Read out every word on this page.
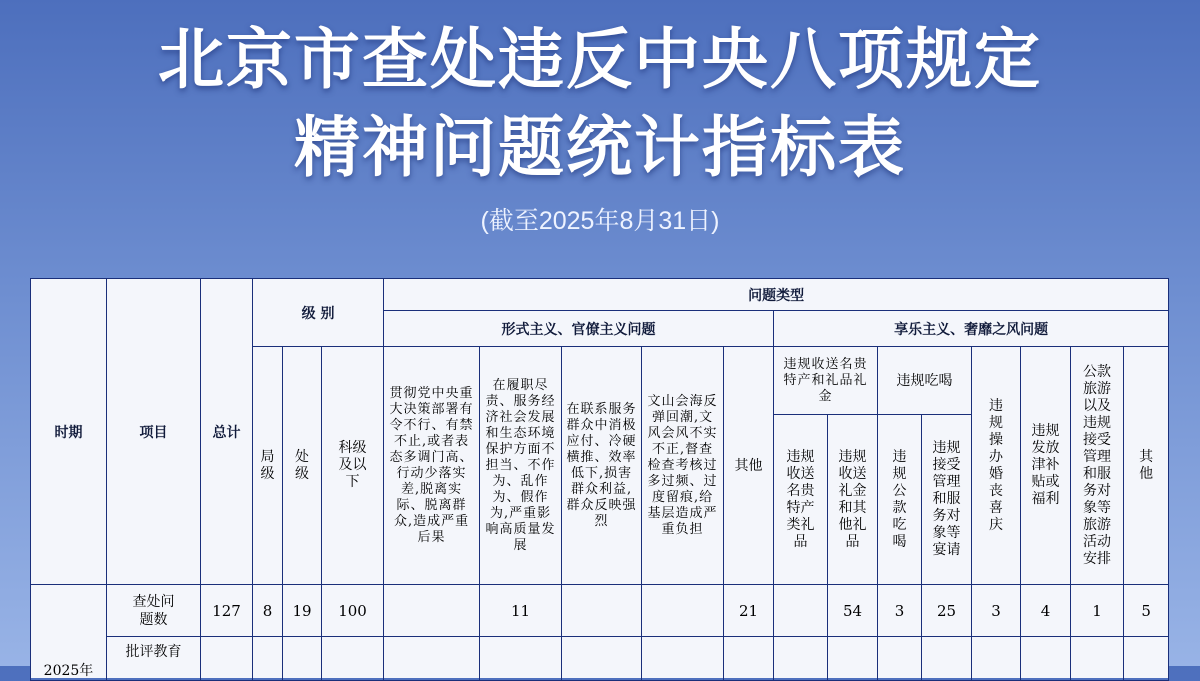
北京市查处违反中央八项规定
精神问题统计指标表
(截至2025年8月31日)
时期	项目	总计	级 别			问题类型												
						形式主义、官僚主义问题					享乐主义、奢靡之风问题							
			局级	处级	科级及以下	贯彻党中央重大决策部署有令不行、有禁不止,或者表态多调门高、行动少落实差,脱离实际、脱离群众,造成严重后果	在履职尽责、服务经济社会发展和生态环境保护方面不担当、不作为、乱作为、假作为,严重影响高质量发展	在联系服务群众中消极应付、冷硬横推、效率低下,损害群众利益,群众反映强烈	文山会海反弹回潮,文风会风不实不正,督查检查考核过多过频、过度留痕,给基层造成严重负担	其他	违规收送名贵特产和礼品礼金		违规吃喝		违规操办婚丧喜庆	违规发放津补贴或福利	公款旅游以及违规接受管理和服务对象等旅游活动安排	其他
											违规收送名贵特产类礼品	违规收送礼金和其他礼品	违规公款吃喝	违规接受管理和服务对象等宴请				
2025年	查处问题数	127	8	19	100		11			21		54	3	25	3	4	1	5
	批评教育																	
